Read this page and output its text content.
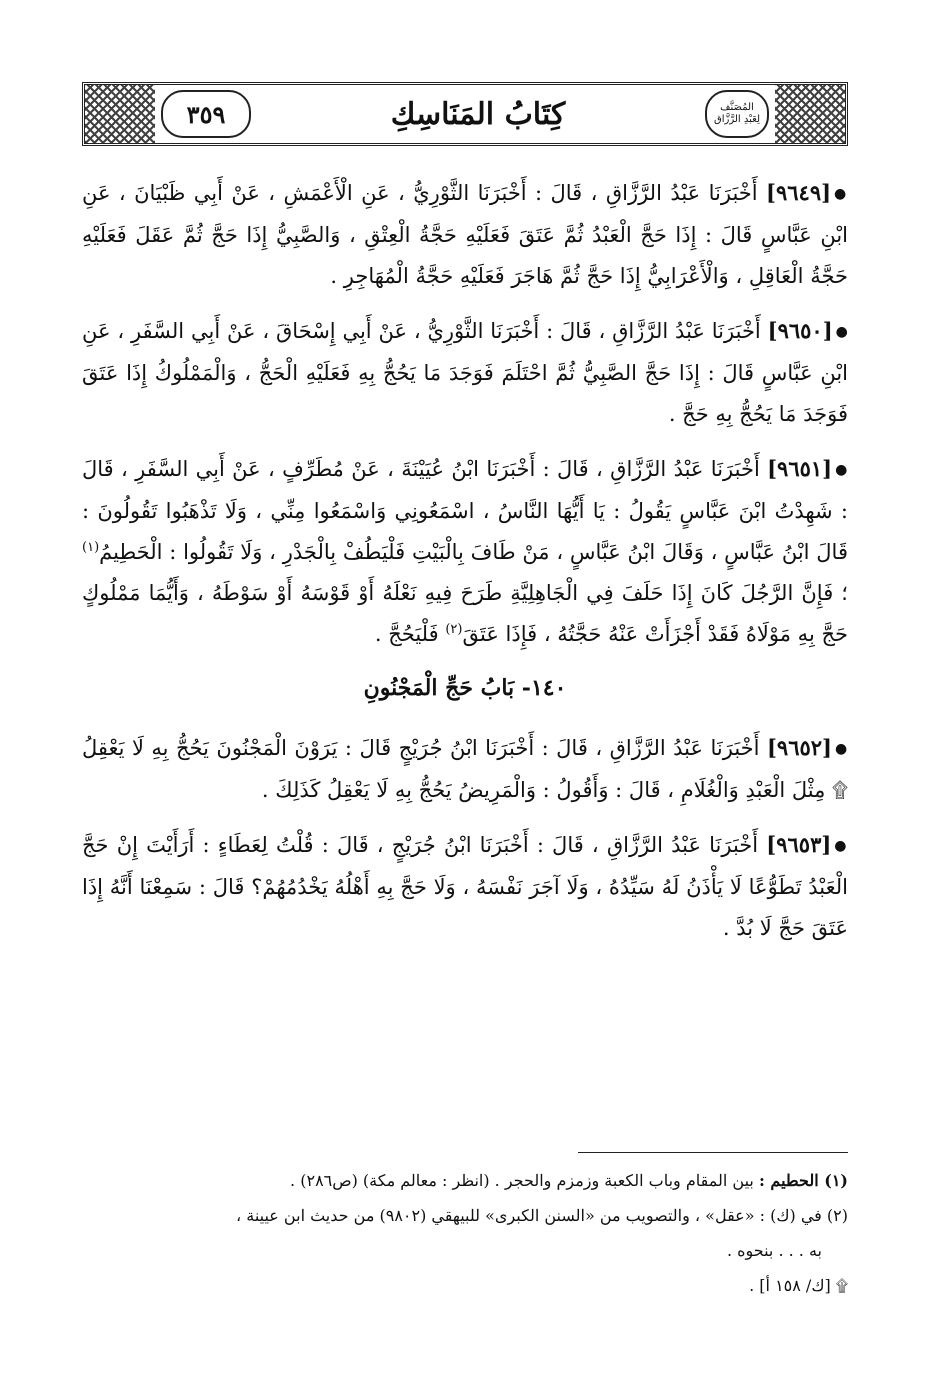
المُصَنَّف
لِعَبْدِ الرَّزَّاق
كِتَابُ المَنَاسِكِ
٣٥٩

●[٩٦٤٩] أَخْبَرَنَا عَبْدُ الرَّزَّاقِ ، قَالَ : أَخْبَرَنَا الثَّوْرِيُّ ، عَنِ الْأَعْمَشِ ، عَنْ أَبِي ظَبْيَانَ ، عَنِ ابْنِ عَبَّاسٍ قَالَ : إِذَا حَجَّ الْعَبْدُ ثُمَّ عَتَقَ فَعَلَيْهِ حَجَّةُ الْعِتْقِ ، وَالصَّبِيُّ إِذَا حَجَّ ثُمَّ عَقَلَ فَعَلَيْهِ حَجَّةُ الْعَاقِلِ ، وَالْأَعْرَابِيُّ إِذَا حَجَّ ثُمَّ هَاجَرَ فَعَلَيْهِ حَجَّةُ الْمُهَاجِرِ .

●[٩٦٥٠] أَخْبَرَنَا عَبْدُ الرَّزَّاقِ ، قَالَ : أَخْبَرَنَا الثَّوْرِيُّ ، عَنْ أَبِي إِسْحَاقَ ، عَنْ أَبِي السَّفَرِ ، عَنِ ابْنِ عَبَّاسٍ قَالَ : إِذَا حَجَّ الصَّبِيُّ ثُمَّ احْتَلَمَ فَوَجَدَ مَا يَحُجُّ بِهِ فَعَلَيْهِ الْحَجُّ ، وَالْمَمْلُوكُ إِذَا عَتَقَ فَوَجَدَ مَا يَحُجُّ بِهِ حَجَّ .

●[٩٦٥١] أَخْبَرَنَا عَبْدُ الرَّزَّاقِ ، قَالَ : أَخْبَرَنَا ابْنُ عُيَيْنَةَ ، عَنْ مُطَرِّفٍ ، عَنْ أَبِي السَّفَرِ ، قَالَ : شَهِدْتُ ابْنَ عَبَّاسٍ يَقُولُ : يَا أَيُّهَا النَّاسُ ، اسْمَعُونِي وَاسْمَعُوا مِنِّي ، وَلَا تَذْهَبُوا تَقُولُونَ : قَالَ ابْنُ عَبَّاسٍ ، وَقَالَ ابْنُ عَبَّاسٍ ، مَنْ طَافَ بِالْبَيْتِ فَلْيَطُفْ بِالْجَدْرِ ، وَلَا تَقُولُوا : الْحَطِيمُ$^{(١)}$ ؛ فَإِنَّ الرَّجُلَ كَانَ إِذَا حَلَفَ فِي الْجَاهِلِيَّةِ طَرَحَ فِيهِ نَعْلَهُ أَوْ قَوْسَهُ أَوْ سَوْطَهُ ، وَأَيُّمَا مَمْلُوكٍ حَجَّ بِهِ مَوْلَاهُ فَقَدْ أَجْزَأَتْ عَنْهُ حَجَّتُهُ ، فَإِذَا عَتَقَ$^{(٢)}$ فَلْيَحُجَّ .

١٤٠- بَابُ حَجِّ الْمَجْنُونِ

●[٩٦٥٢] أَخْبَرَنَا عَبْدُ الرَّزَّاقِ ، قَالَ : أَخْبَرَنَا ابْنُ جُرَيْجٍ قَالَ : يَرَوْنَ الْمَجْنُونَ يَحُجُّ بِهِ لَا يَعْقِلُ ۩ مِثْلَ الْعَبْدِ وَالْغُلَامِ ، قَالَ : وَأَقُولُ : وَالْمَرِيضُ يَحُجُّ بِهِ لَا يَعْقِلُ كَذَلِكَ .

●[٩٦٥٣] أَخْبَرَنَا عَبْدُ الرَّزَّاقِ ، قَالَ : أَخْبَرَنَا ابْنُ جُرَيْجٍ ، قَالَ : قُلْتُ لِعَطَاءٍ : أَرَأَيْتَ إِنْ حَجَّ الْعَبْدُ تَطَوُّعًا لَا يَأْذَنُ لَهُ سَيِّدُهُ ، وَلَا آجَرَ نَفْسَهُ ، وَلَا حَجَّ بِهِ أَهْلُهُ يَخْدُمُهُمْ؟ قَالَ : سَمِعْنَا أَنَّهُ إِذَا عَتَقَ حَجَّ لَا بُدَّ .

(١) الحطيم : بين المقام وباب الكعبة وزمزم والحجر . (انظر : معالم مكة) (ص٢٨٦) .

(٢) في (ك) : «عقل» ، والتصويب من «السنن الكبرى» للبيهقي (٩٨٠٢) من حديث ابن عيينة ،

به . . . بنحوه .

۩ [ك/ ١٥٨ أ] .
